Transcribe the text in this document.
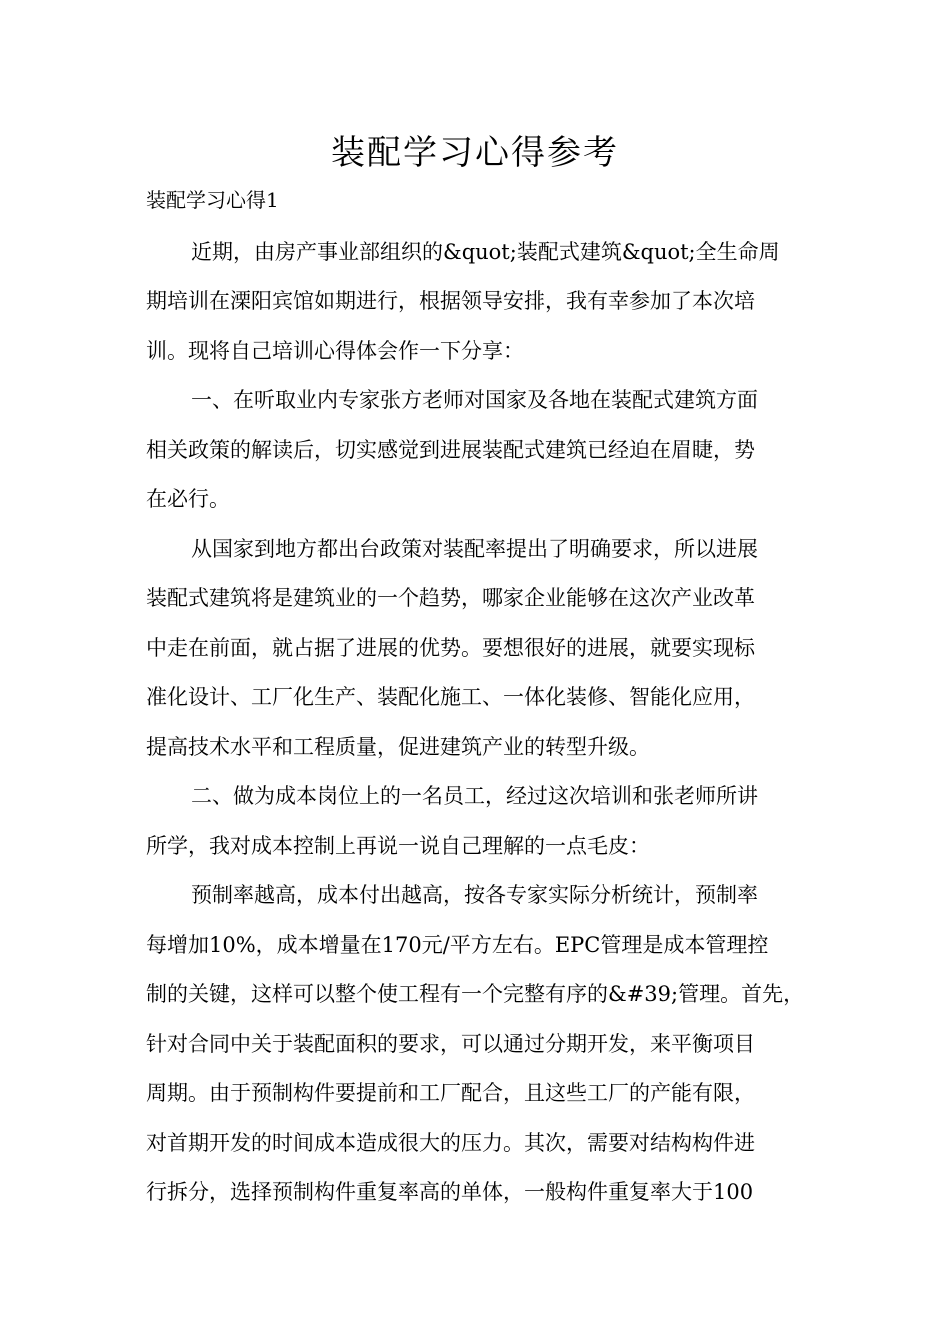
装配学习心得参考

装配学习心得1

近期，由房产事业部组织的&quot;装配式建筑&quot;全生命周

期培训在溧阳宾馆如期进行，根据领导安排，我有幸参加了本次培

训。现将自己培训心得体会作一下分享：

一、在听取业内专家张方老师对国家及各地在装配式建筑方面

相关政策的解读后，切实感觉到进展装配式建筑已经迫在眉睫，势

在必行。

从国家到地方都出台政策对装配率提出了明确要求，所以进展

装配式建筑将是建筑业的一个趋势，哪家企业能够在这次产业改革

中走在前面，就占据了进展的优势。要想很好的进展，就要实现标

准化设计、工厂化生产、装配化施工、一体化装修、智能化应用，

提高技术水平和工程质量，促进建筑产业的转型升级。

二、做为成本岗位上的一名员工，经过这次培训和张老师所讲

所学，我对成本控制上再说一说自己理解的一点毛皮：

预制率越高，成本付出越高，按各专家实际分析统计，预制率

每增加10%，成本增量在170元/平方左右。EPC管理是成本管理控

制的关键，这样可以整个使工程有一个完整有序的&#39;管理。首先，

针对合同中关于装配面积的要求，可以通过分期开发，来平衡项目

周期。由于预制构件要提前和工厂配合，且这些工厂的产能有限，

对首期开发的时间成本造成很大的压力。其次，需要对结构构件进

行拆分，选择预制构件重复率高的单体，一般构件重复率大于100
